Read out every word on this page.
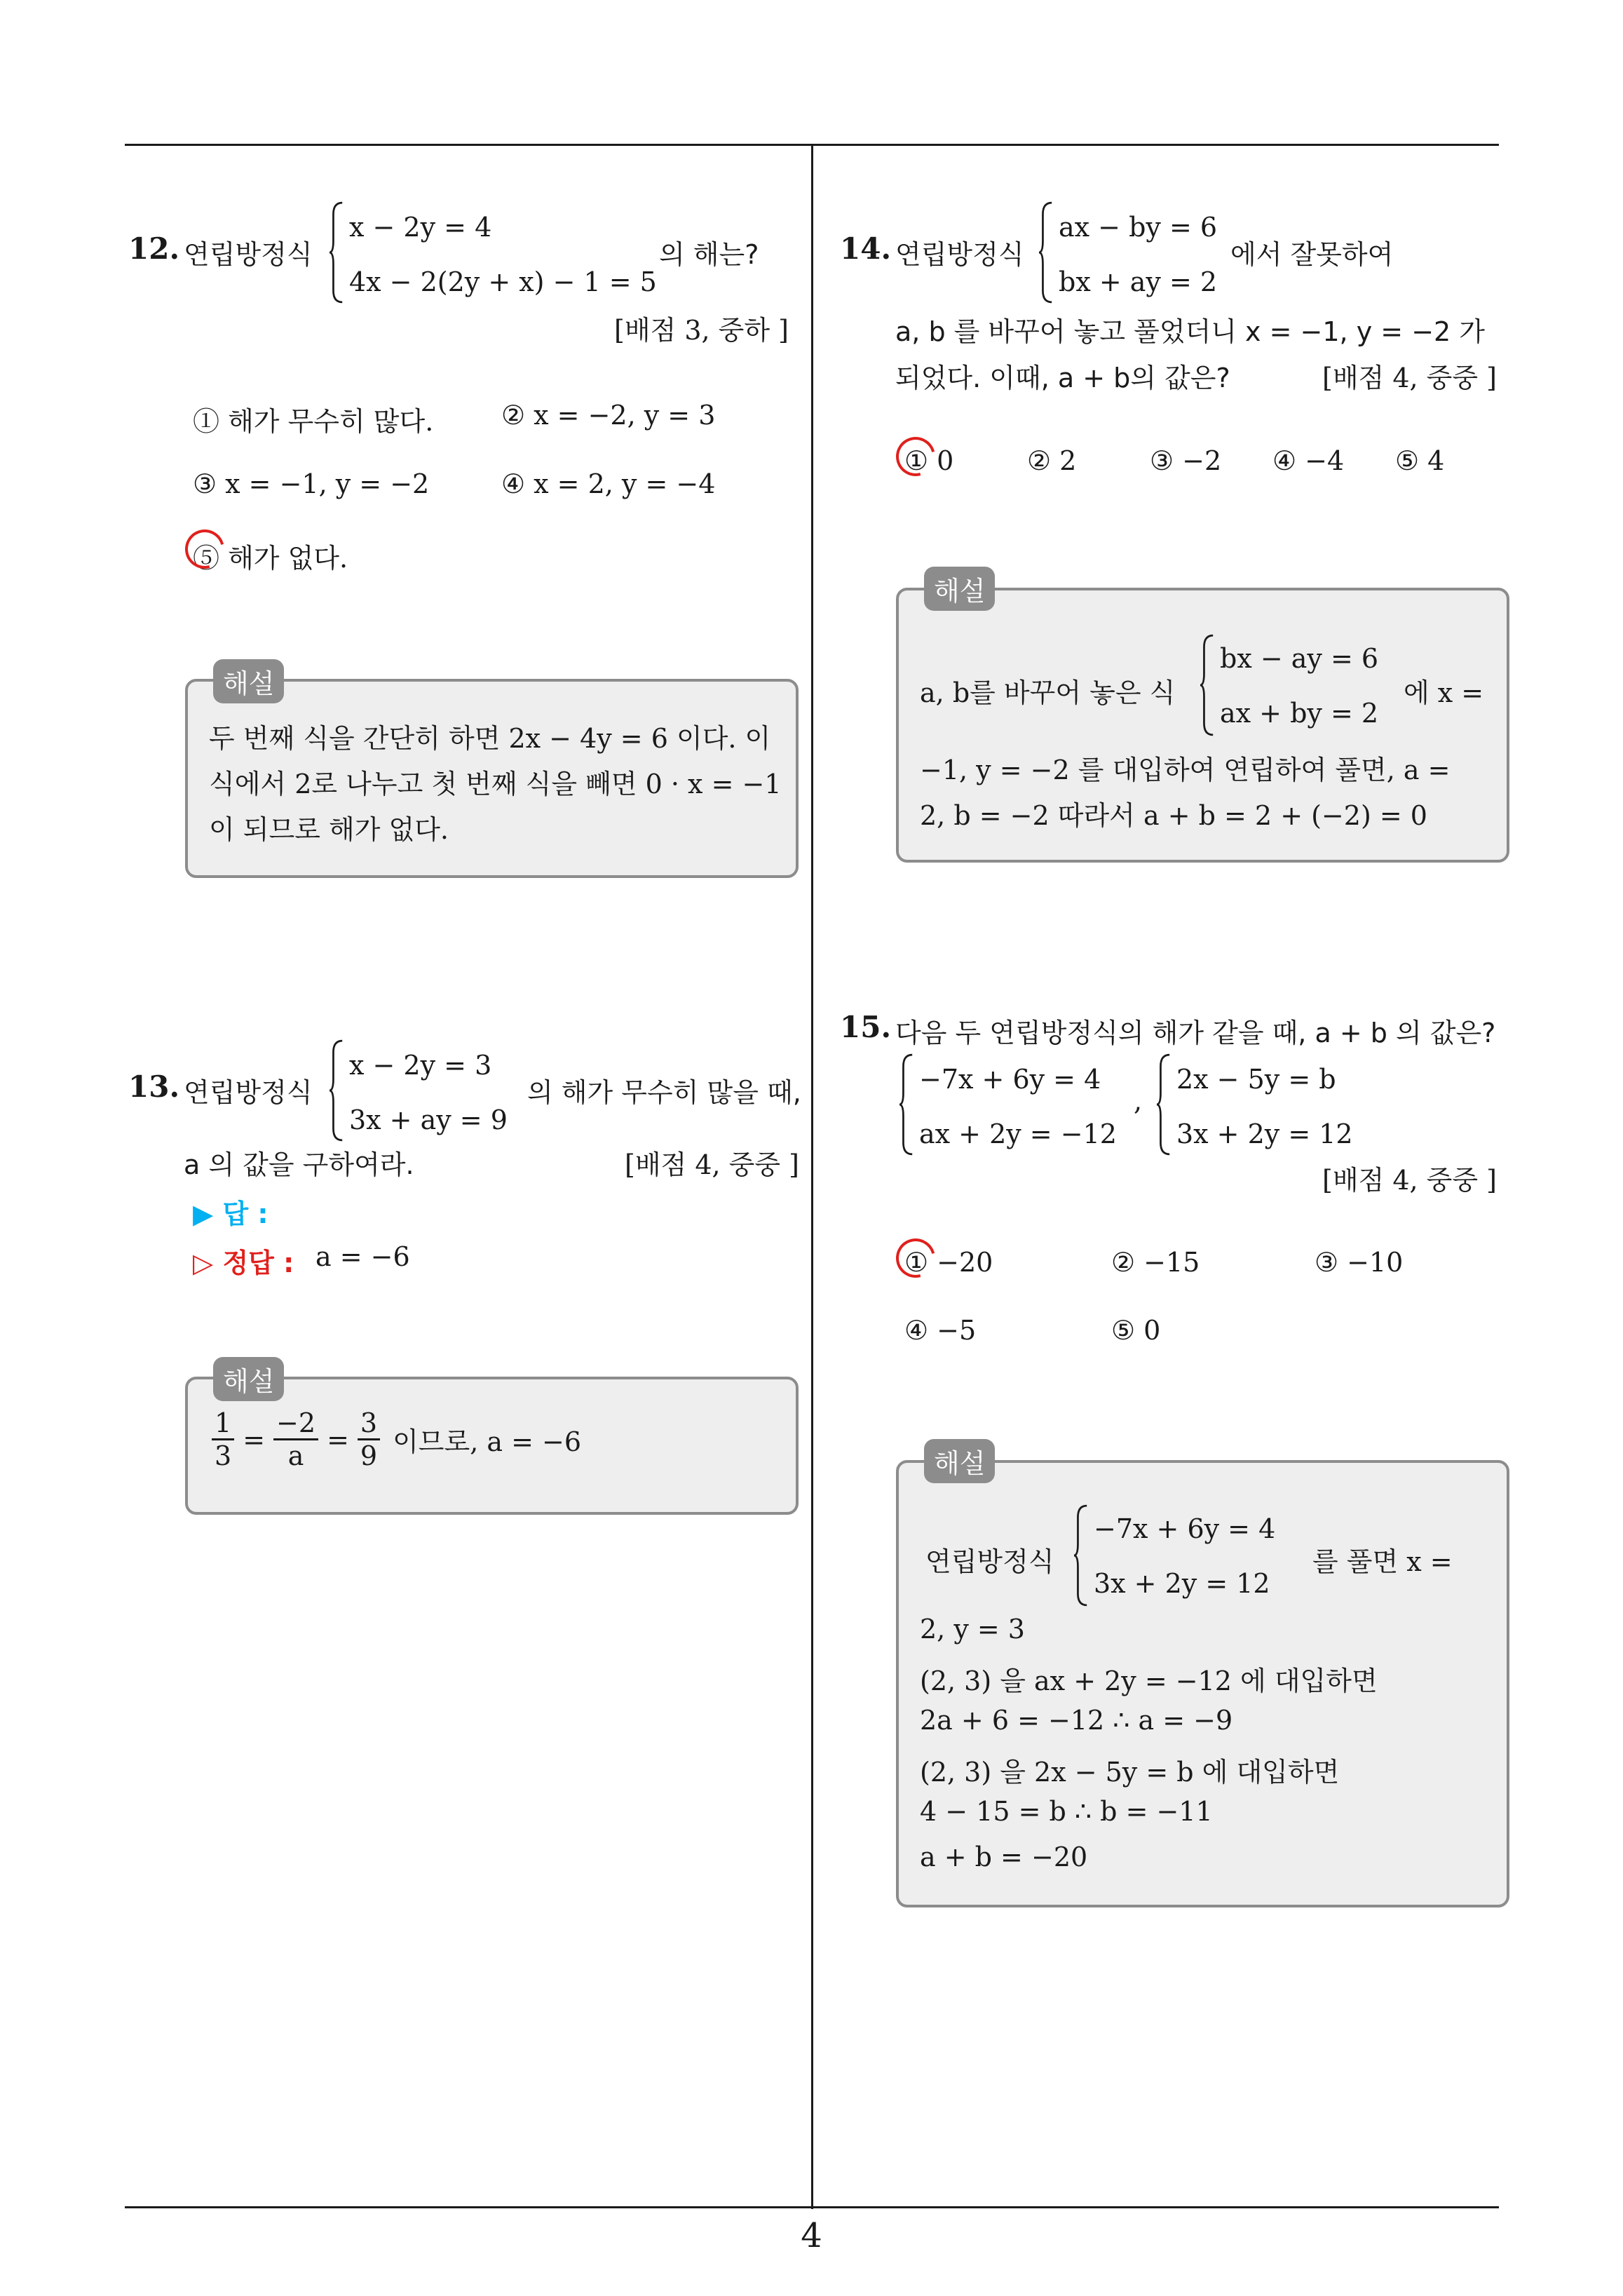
12. 연립방정식
x − 2y = 4
4x − 2(2y + x) − 1 = 5
의 해는?
[배점 3, 중하 ]
① 해가 무수히 많다.	② x = −2, y = 3
③ x = −1, y = −2	④ x = 2, y = −4
⑤ 해가 없다.
두 번째 식을 간단히 하면 2x − 4y = 6 이다. 이
식에서 2로 나누고 첫 번째 식을 빼면 0 · x = −1
이 되므로 해가 없다.
해설
13. 연립방정식
x − 2y = 3
3x + ay = 9
의 해가 무수히 많을 때,
a 의 값을 구하여라.	[배점 4, 중중 ]
▶ 답 :
▷ 정답 : a = −6
$\frac{1}{3} = \frac{-2}{a} = \frac{3}{9}$ 이므로, a = −6
해설
14. 연립방정식
ax − by = 6
bx + ay = 2
에서 잘못하여
a, b 를 바꾸어 놓고 풀었더니 x = −1, y = −2 가
되었다. 이때, a + b의 값은?	[배점 4, 중중 ]
① 0	② 2	③ −2 ④ −4 ⑤ 4
a, b를 바꾸어 놓은 식
bx − ay = 6
ax + by = 2
에 x =
−1, y = −2 를 대입하여 연립하여 풀면, a =
2, b = −2 따라서 a + b = 2 + (−2) = 0
해설
15. 다음 두 연립방정식의 해가 같을 때, a + b 의 값은?
−7x + 6y = 4
ax + 2y = −12
,
2x − 5y = b
3x + 2y = 12
[배점 4, 중중 ]
① −20	② −15	③ −10
④ −5	⑤ 0
연립방정식
−7x + 6y = 4
3x + 2y = 12
를 풀면 x =
2, y = 3
(2, 3) 을 ax + 2y = −12 에 대입하면
2a + 6 = −12 ∴ a = −9
(2, 3) 을 2x − 5y = b 에 대입하면
4 − 15 = b ∴ b = −11
a + b = −20
해설
4
